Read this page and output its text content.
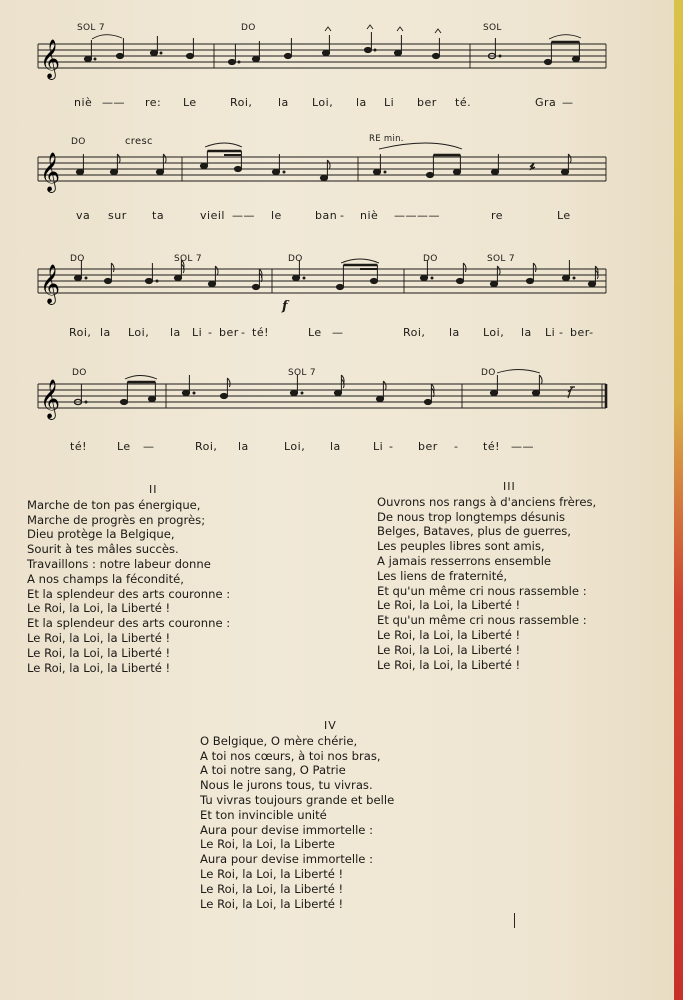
SOL 7	DO	SOL
𝄞
niè —— re: Le	Roi, la Loi, la Li ber té.	Gra —
DO	cresc	RE min.
𝄞
va sur ta	vieil —— le	ban - niè ————	re	Le
DO	SOL 7	DO	DO	SOL 7
f
𝄞
Roi, la Loi, la Li - ber - té!	Le —	Roi, la Loi, la Li - ber-
DO	SOL 7	DO
𝄞
té!	Le —	Roi, la	Loi, la	Li - ber - té! ——
II
Marche de ton pas énergique,
Marche de progrès en progrès;
Dieu protège la Belgique,
Sourit à tes mâles succès.
Travaillons : notre labeur donne
A nos champs la fécondité,
Et la splendeur des arts couronne :
Le Roi, la Loi, la Liberté !
Et la splendeur des arts couronne :
Le Roi, la Loi, la Liberté !
Le Roi, la Loi, la Liberté !
Le Roi, la Loi, la Liberté !
III
Ouvrons nos rangs à d'anciens frères,
De nous trop longtemps désunis
Belges, Bataves, plus de guerres,
Les peuples libres sont amis,
A jamais resserrons ensemble
Les liens de fraternité,
Et qu'un même cri nous rassemble :
Le Roi, la Loi, la Liberté !
Et qu'un même cri nous rassemble :
Le Roi, la Loi, la Liberté !
Le Roi, la Loi, la Liberté !
Le Roi, la Loi, la Liberté !
IV
O Belgique, O mère chérie,
A toi nos cœurs, à toi nos bras,
A toi notre sang, O Patrie
Nous le jurons tous, tu vivras.
Tu vivras toujours grande et belle
Et ton invincible unité
Aura pour devise immortelle :
Le Roi, la Loi, la Liberte
Aura pour devise immortelle :
Le Roi, la Loi, la Liberté !
Le Roi, la Loi, la Liberté !
Le Roi, la Loi, la Liberté !
